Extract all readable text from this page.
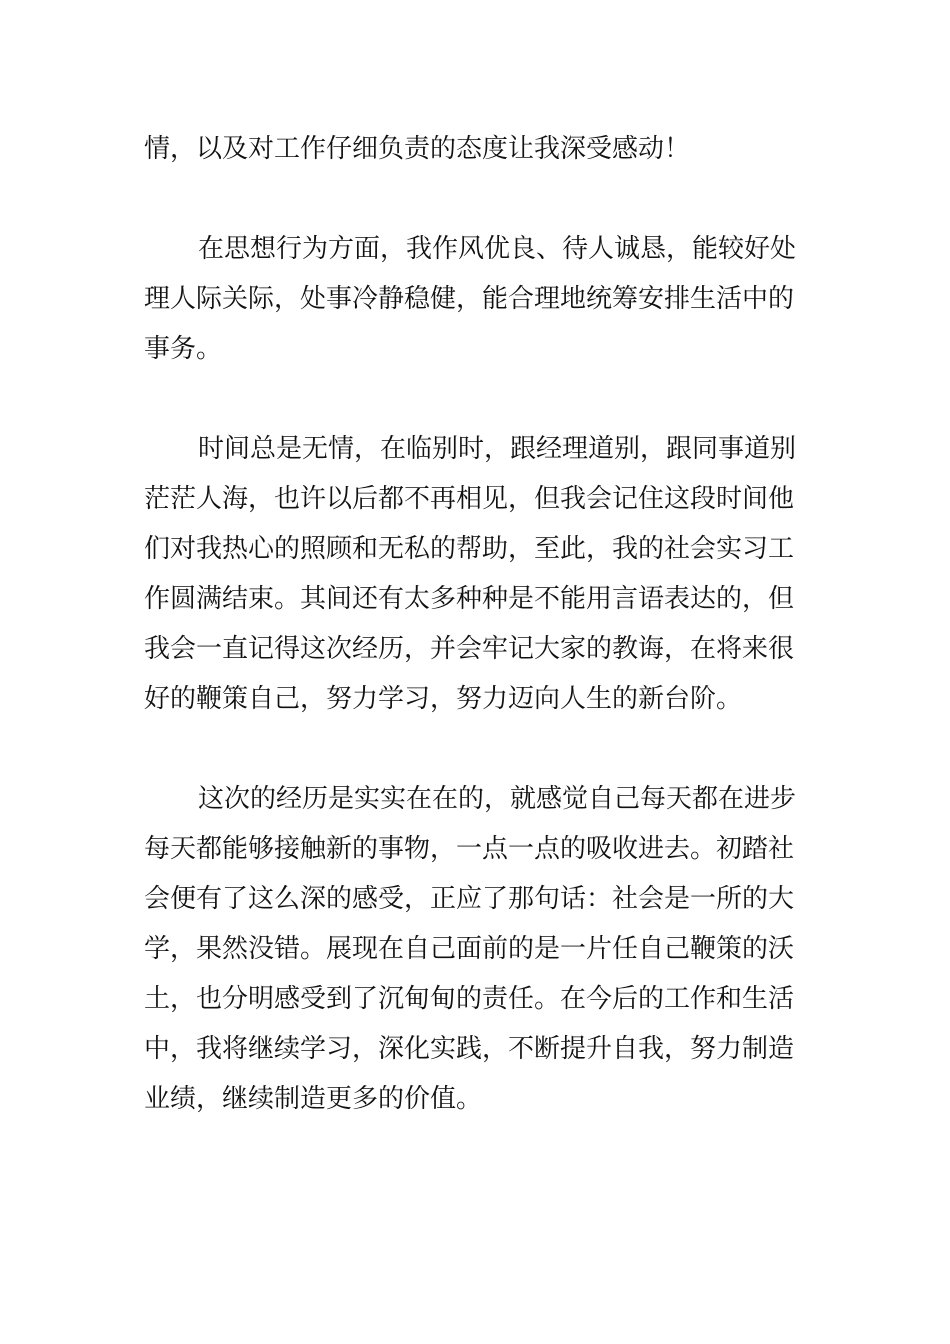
情，以及对工作仔细负责的态度让我深受感动！
在思想行为方面，我作风优良、待人诚恳，能较好处
理人际关际，处事冷静稳健，能合理地统筹安排生活中的
事务。
时间总是无情，在临别时，跟经理道别，跟同事道别
茫茫人海，也许以后都不再相见，但我会记住这段时间他
们对我热心的照顾和无私的帮助，至此，我的社会实习工
作圆满结束。其间还有太多种种是不能用言语表达的，但
我会一直记得这次经历，并会牢记大家的教诲，在将来很
好的鞭策自己，努力学习，努力迈向人生的新台阶。
这次的经历是实实在在的，就感觉自己每天都在进步
每天都能够接触新的事物，一点一点的吸收进去。初踏社
会便有了这么深的感受，正应了那句话：社会是一所的大
学，果然没错。展现在自己面前的是一片任自己鞭策的沃
土，也分明感受到了沉甸甸的责任。在今后的工作和生活
中，我将继续学习，深化实践，不断提升自我，努力制造
业绩，继续制造更多的价值。
